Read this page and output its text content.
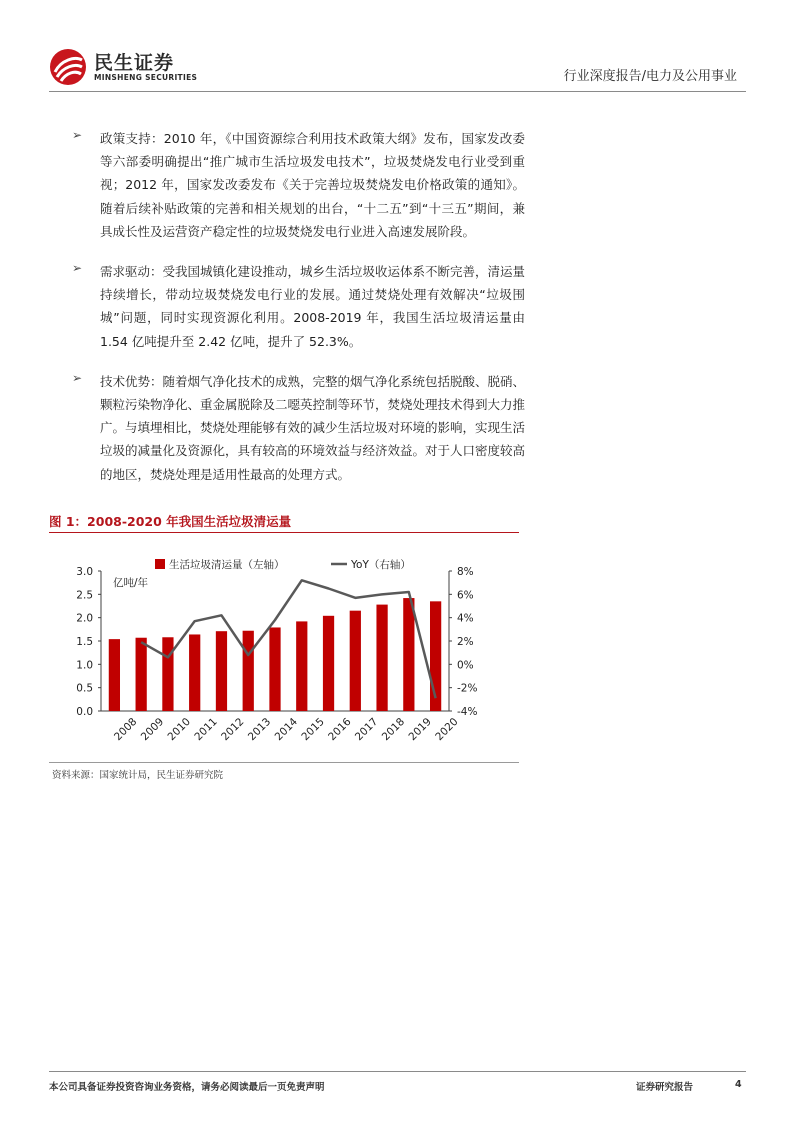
民生证券
MINSHENG SECURITIES	行业深度报告/电力及公用事业
➢ 政策支持：2010 年，《中国资源综合利用技术政策大纲》发布，国家发改委等六部委明确提出“推广城市生活垃圾发电技术”，垃圾焚烧发电行业受到重视；2012 年，国家发改委发布《关于完善垃圾焚烧发电价格政策的通知》。随着后续补贴政策的完善和相关规划的出台，“十二五”到“十三五”期间，兼具成长性及运营资产稳定性的垃圾焚烧发电行业进入高速发展阶段。
➢ 需求驱动：受我国城镇化建设推动，城乡生活垃圾收运体系不断完善，清运量持续增长，带动垃圾焚烧发电行业的发展。通过焚烧处理有效解决“垃圾围城”问题，同时实现资源化利用。2008-2019 年，我国生活垃圾清运量由 1.54 亿吨提升至 2.42 亿吨，提升了 52.3%。
➢ 技术优势：随着烟气净化技术的成熟，完整的烟气净化系统包括脱酸、脱硝、颗粒污染物净化、重金属脱除及二噁英控制等环节，焚烧处理技术得到大力推广。与填埋相比，焚烧处理能够有效的减少生活垃圾对环境的影响，实现生活垃圾的减量化及资源化，具有较高的环境效益与经济效益。对于人口密度较高的地区，焚烧处理是适用性最高的处理方式。
图 1：2008-2020 年我国生活垃圾清运量
0.0
0.5
1.0
1.5
2.0
2.5
3.0
-4%
-2%
0%
2%
4%
6%
8%
亿吨/年
2008 2009 2010 2011 2012 2013 2014 2015 2016 2017 2018 2019 2020
生活垃圾清运量（左轴）	YoY（右轴）
资料来源：国家统计局，民生证券研究院
本公司具备证券投资咨询业务资格，请务必阅读最后一页免责声明	证券研究报告	4
